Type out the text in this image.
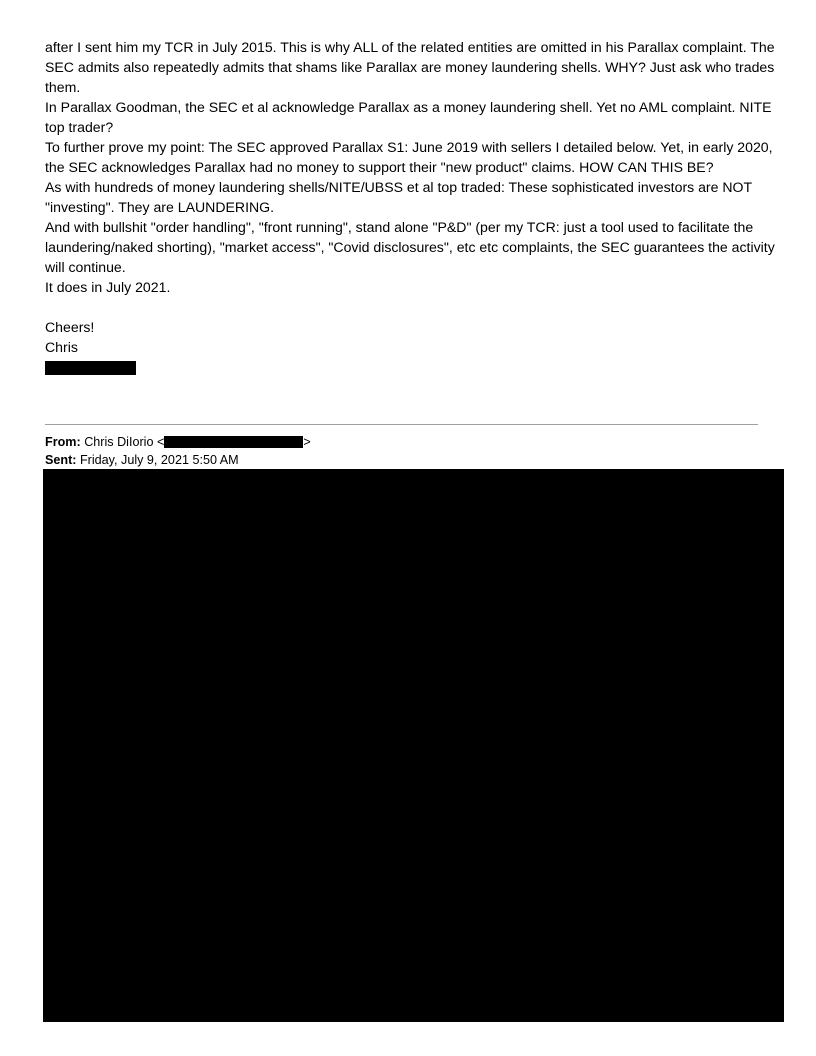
after I sent him my TCR in July 2015. This is why ALL of the related entities are omitted in his Parallax complaint. The SEC admits also repeatedly admits that shams like Parallax are money laundering shells. WHY? Just ask who trades them.

In Parallax Goodman, the SEC et al acknowledge Parallax as a money laundering shell. Yet no AML complaint. NITE top trader?

To further prove my point: The SEC approved Parallax S1: June 2019 with sellers I detailed below. Yet, in early 2020, the SEC acknowledges Parallax had no money to support their "new product" claims. HOW CAN THIS BE?

As with hundreds of money laundering shells/NITE/UBSS et al top traded: These sophisticated investors are NOT "investing". They are LAUNDERING.

And with bullshit "order handling", "front running", stand alone "P&D" (per my TCR: just a tool used to facilitate the laundering/naked shorting), "market access", "Covid disclosures", etc etc complaints, the SEC guarantees the activity will continue.

It does in July 2021.

Cheers!

Chris

From: Chris DiIorio <	>
Sent: Friday, July 9, 2021 5:50 AM
